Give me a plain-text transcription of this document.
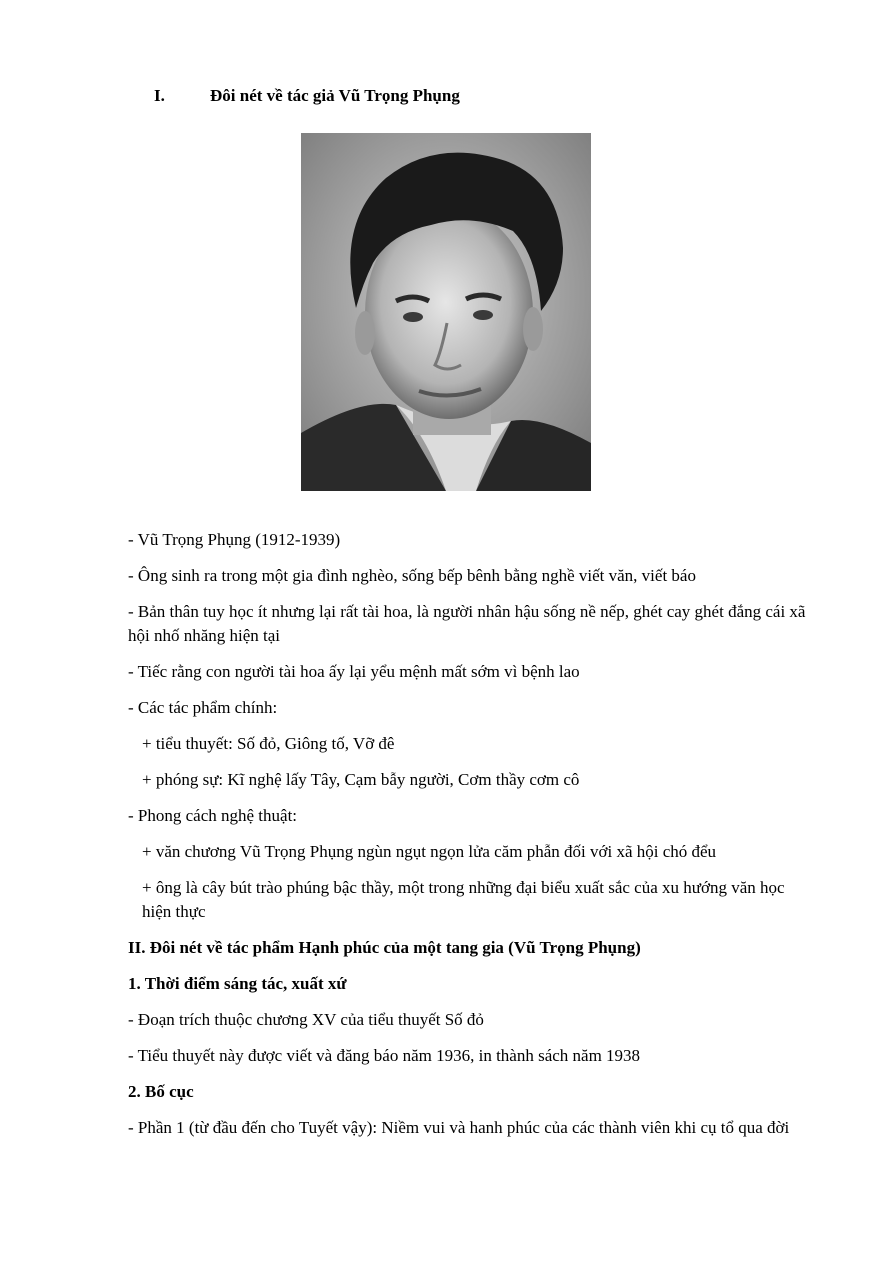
I.	Đôi nét về tác giả Vũ Trọng Phụng

- Vũ Trọng Phụng (1912-1939)

- Ông sinh ra trong một gia đình nghèo, sống bếp bênh bằng nghề viết văn, viết báo

- Bản thân tuy học ít nhưng lại rất tài hoa, là người nhân hậu sống nề nếp, ghét cay ghét đắng cái xã hội nhố nhăng hiện tại

- Tiếc rằng con người tài hoa ấy lại yểu mệnh mất sớm vì bệnh lao

- Các tác phẩm chính:

+ tiểu thuyết: Số đỏ, Giông tố, Vỡ đê

+ phóng sự: Kĩ nghệ lấy Tây, Cạm bẫy người, Cơm thầy cơm cô

- Phong cách nghệ thuật:

+ văn chương Vũ Trọng Phụng ngùn ngụt ngọn lửa căm phẫn đối với xã hội chó đểu

+ ông là cây bút trào phúng bậc thầy, một trong những đại biểu xuất sắc của xu hướng văn học hiện thực

II. Đôi nét về tác phẩm Hạnh phúc của một tang gia (Vũ Trọng Phụng)

1. Thời điểm sáng tác, xuất xứ

- Đoạn trích thuộc chương XV của tiểu thuyết Số đỏ

- Tiểu thuyết này được viết và đăng báo năm 1936, in thành sách năm 1938

2. Bố cục

- Phần 1 (từ đầu đến cho Tuyết vậy): Niềm vui và hanh phúc của các thành viên khi cụ tổ qua đời
